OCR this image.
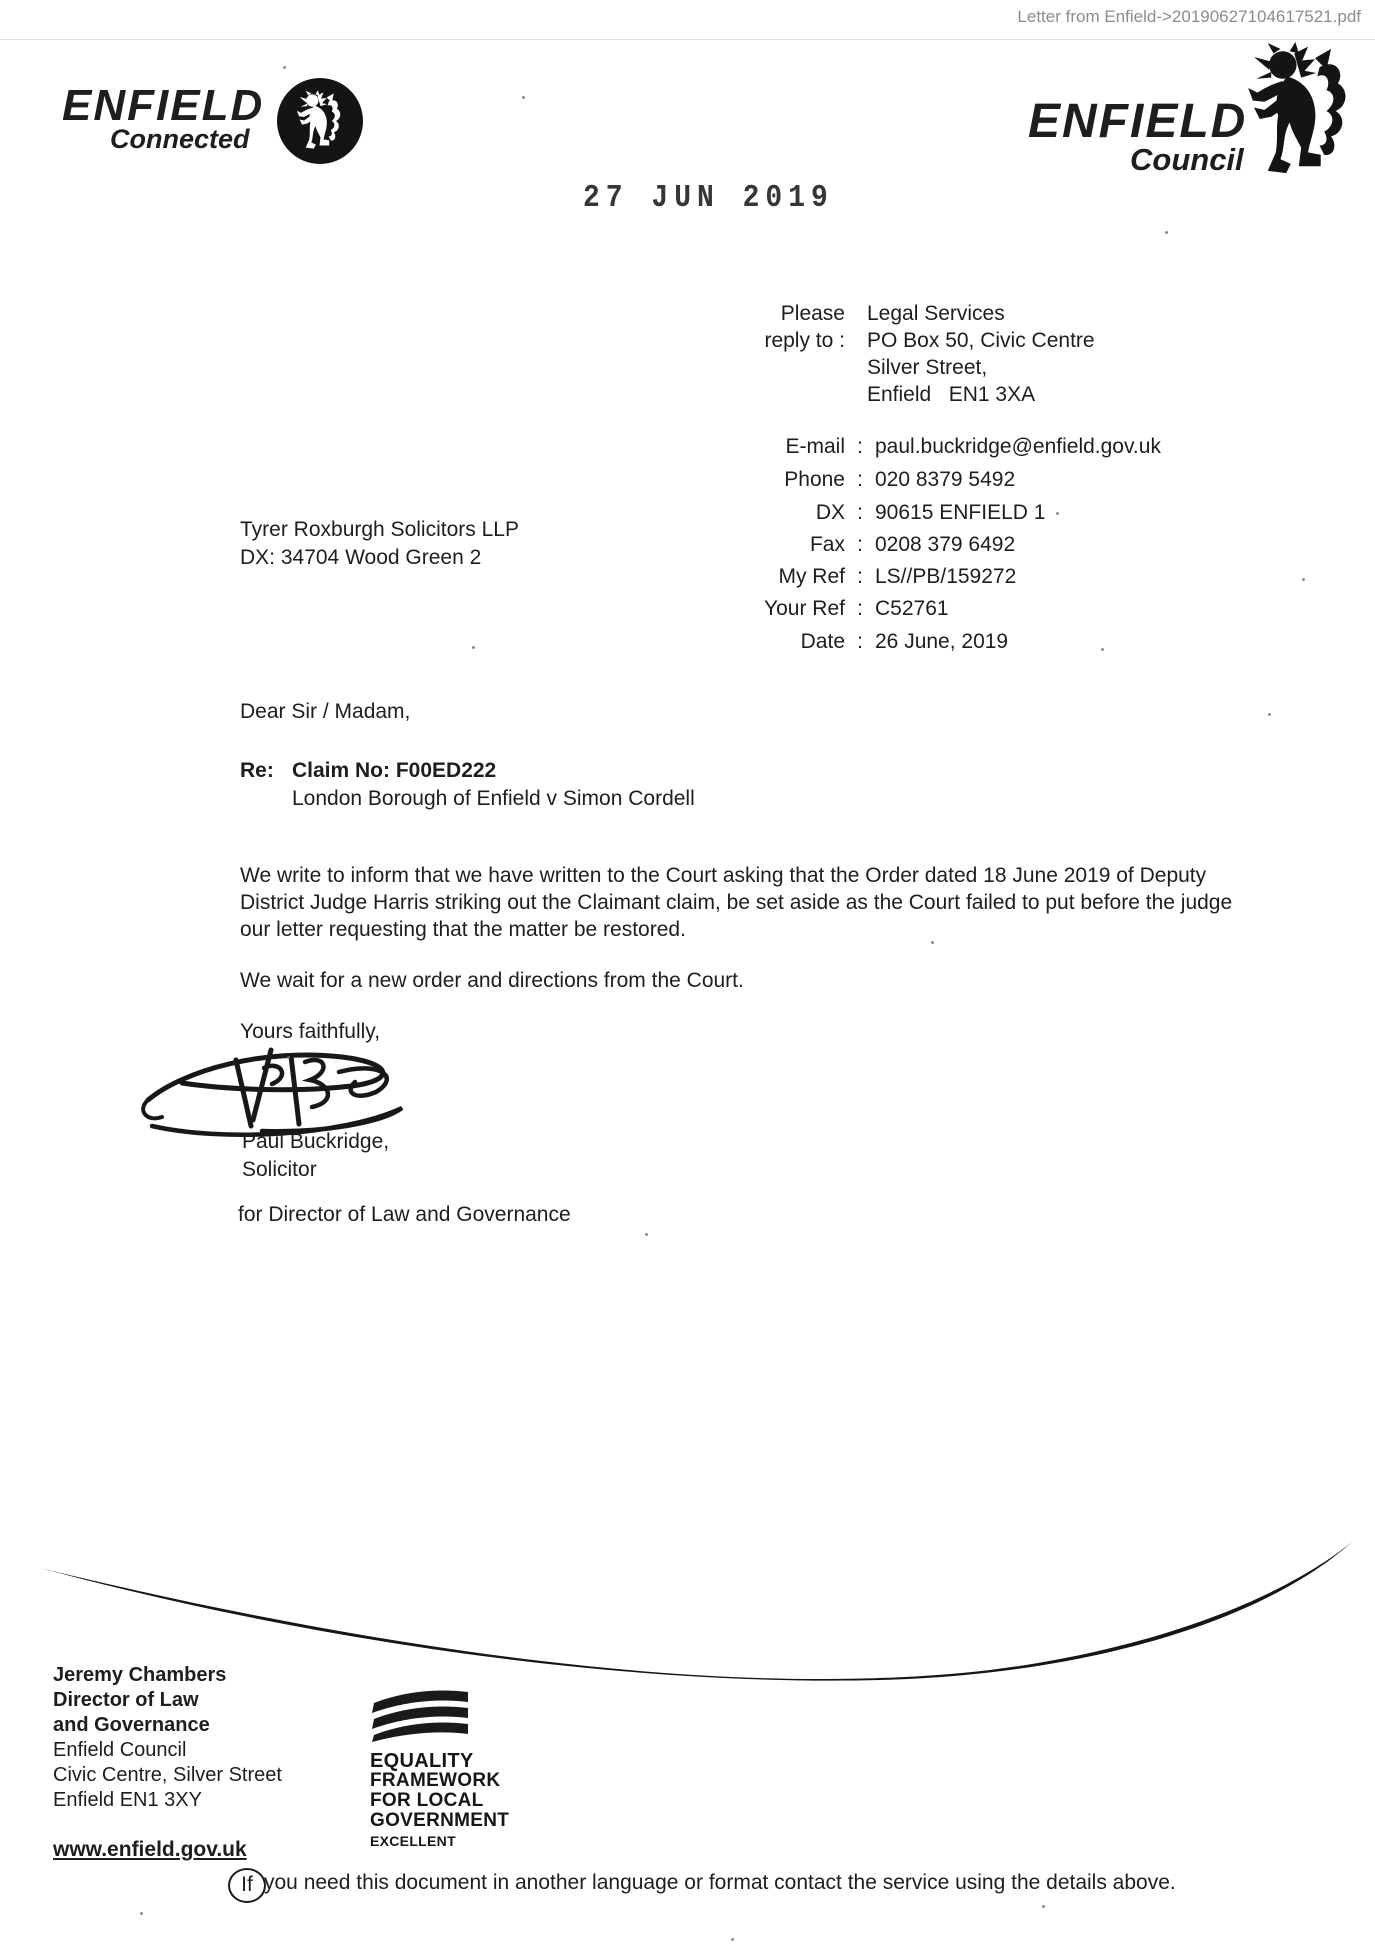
Letter from Enfield->20190627104617521.pdf
ENFIELD
Connected	ENFIELD
Council
27 JUN 2019
Please
reply to :
Legal Services
PO Box 50, Civic Centre
Silver Street,
Enfield   EN1 3XA
E-mail : paul.buckridge@enfield.gov.uk
Phone : 020 8379 5492
DX : 90615 ENFIELD 1
Fax : 0208 379 6492
My Ref : LS//PB/159272
Your Ref : C52761
Date : 26 June, 2019
Tyrer Roxburgh Solicitors LLP
DX: 34704 Wood Green 2
Dear Sir / Madam,
Re: Claim No: F00ED222
London Borough of Enfield v Simon Cordell
We write to inform that we have written to the Court asking that the Order dated 18 June 2019 of Deputy District Judge Harris striking out the Claimant claim, be set aside as the Court failed to put before the judge our letter requesting that the matter be restored.
We wait for a new order and directions from the Court.
Yours faithfully,
Paul Buckridge,
Solicitor
for Director of Law and Governance
Jeremy Chambers
Director of Law
and Governance
Enfield Council
Civic Centre, Silver Street
Enfield EN1 3XY
www.enfield.gov.uk
EQUALITY
FRAMEWORK
FOR LOCAL
GOVERNMENT
EXCELLENT
If you need this document in another language or format contact the service using the details above.
